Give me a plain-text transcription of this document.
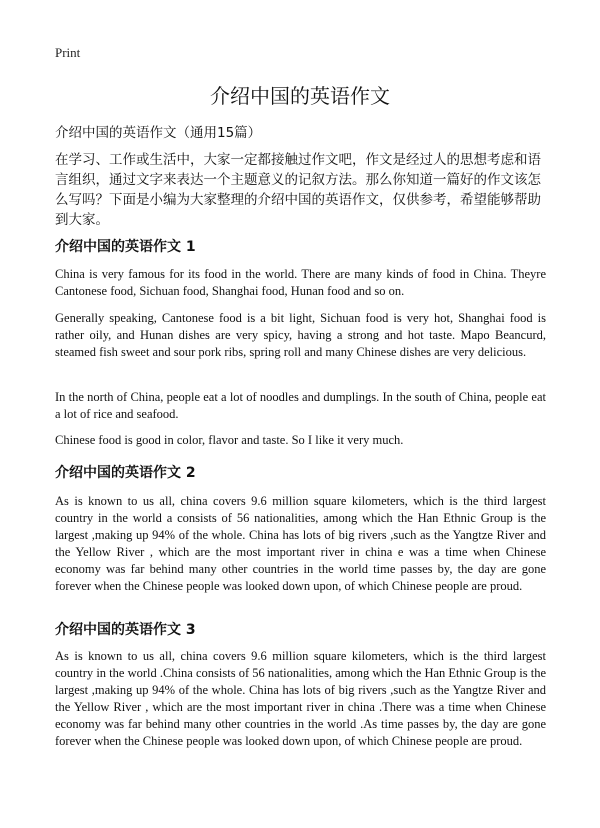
Print
介绍中国的英语作文
介绍中国的英语作文（通用15篇）
在学习、工作或生活中，大家一定都接触过作文吧，作文是经过人的思想考虑和语言组织，通过文字来表达一个主题意义的记叙方法。那么你知道一篇好的作文该怎么写吗？下面是小编为大家整理的介绍中国的英语作文，仅供参考，希望能够帮助到大家。
介绍中国的英语作文 1
China is very famous for its food in the world. There are many kinds of food in China. Theyre Cantonese food, Sichuan food, Shanghai food, Hunan food and so on.
Generally speaking, Cantonese food is a bit light, Sichuan food is very hot, Shanghai food is rather oily, and Hunan dishes are very spicy, having a strong and hot taste. Mapo Beancurd, steamed fish sweet and sour pork ribs, spring roll and many Chinese dishes are very delicious.
In the north of China, people eat a lot of noodles and dumplings. In the south of China, people eat a lot of rice and seafood.
Chinese food is good in color, flavor and taste. So I like it very much.
介绍中国的英语作文 2
As is known to us all, china covers 9.6 million square kilometers, which is the third largest country in the world a consists of 56 nationalities, among which the Han Ethnic Group is the largest ,making up 94% of the whole. China has lots of big rivers ,such as the Yangtze River and the Yellow River , which are the most important river in china e was a time when Chinese economy was far behind many other countries in the world time passes by, the day are gone forever when the Chinese people was looked down upon, of which Chinese people are proud.
介绍中国的英语作文 3
As is known to us all, china covers 9.6 million square kilometers, which is the third largest country in the world .China consists of 56 nationalities, among which the Han Ethnic Group is the largest ,making up 94% of the whole. China has lots of big rivers ,such as the Yangtze River and the Yellow River , which are the most important river in china .There was a time when Chinese economy was far behind many other countries in the world .As time passes by, the day are gone forever when the Chinese people was looked down upon, of which Chinese people are proud.
